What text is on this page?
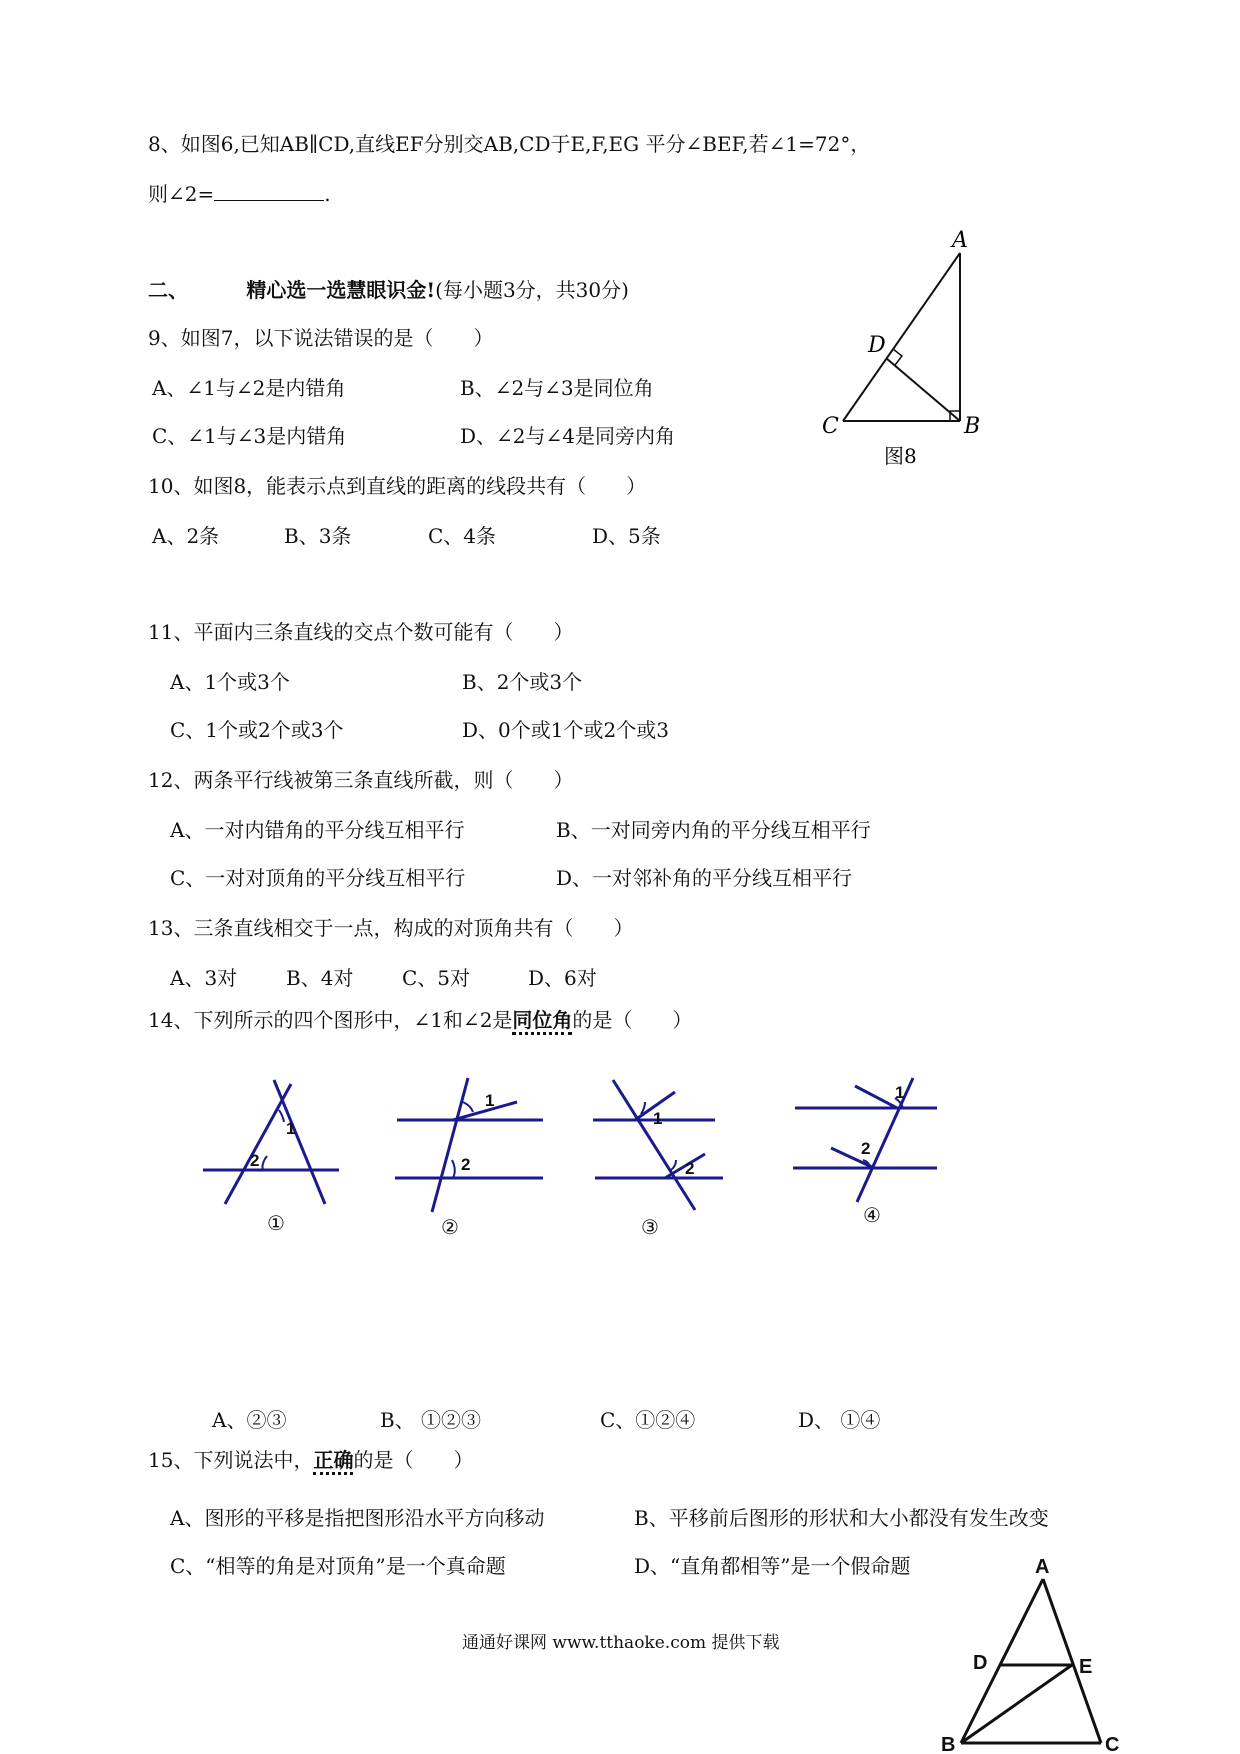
8、如图6,已知AB∥CD,直线EF分别交AB,CD于E,F,EG 平分∠BEF,若∠1=72°，
则∠2=	.
二、	精心选一选慧眼识金!(每小题3分，共30分)
A
D
C	B
图8
9、如图7，以下说法错误的是（　　）
A、∠1与∠2是内错角	B、∠2与∠3是同位角
C、∠1与∠3是内错角	D、∠2与∠4是同旁内角
10、如图8，能表示点到直线的距离的线段共有（　　）
A、2条	B、3条	C、4条	D、5条
11、平面内三条直线的交点个数可能有（　　）
A、1个或3个	B、2个或3个
C、1个或2个或3个	D、0个或1个或2个或3
12、两条平行线被第三条直线所截，则（　　）
A、一对内错角的平分线互相平行	B、一对同旁内角的平分线互相平行
C、一对对顶角的平分线互相平行	D、一对邻补角的平分线互相平行
13、三条直线相交于一点，构成的对顶角共有（　　）
A、3对 B、4对 C、5对	D、6对
14、下列所示的四个图形中，∠1和∠2是同位角的是（　　）
1
2
1
2
1
2
1
2
①	②	③	④
A、②③	B、 ①②③	C、①②④	D、 ①④
15、下列说法中，正确的是（　　）
A、图形的平移是指把图形沿水平方向移动	B、平移前后图形的形状和大小都没有发生改变
C、“相等的角是对顶角”是一个真命题	D、“直角都相等”是一个假命题	A
D	E
B	C
通通好课网 www.tthaoke.com 提供下载
